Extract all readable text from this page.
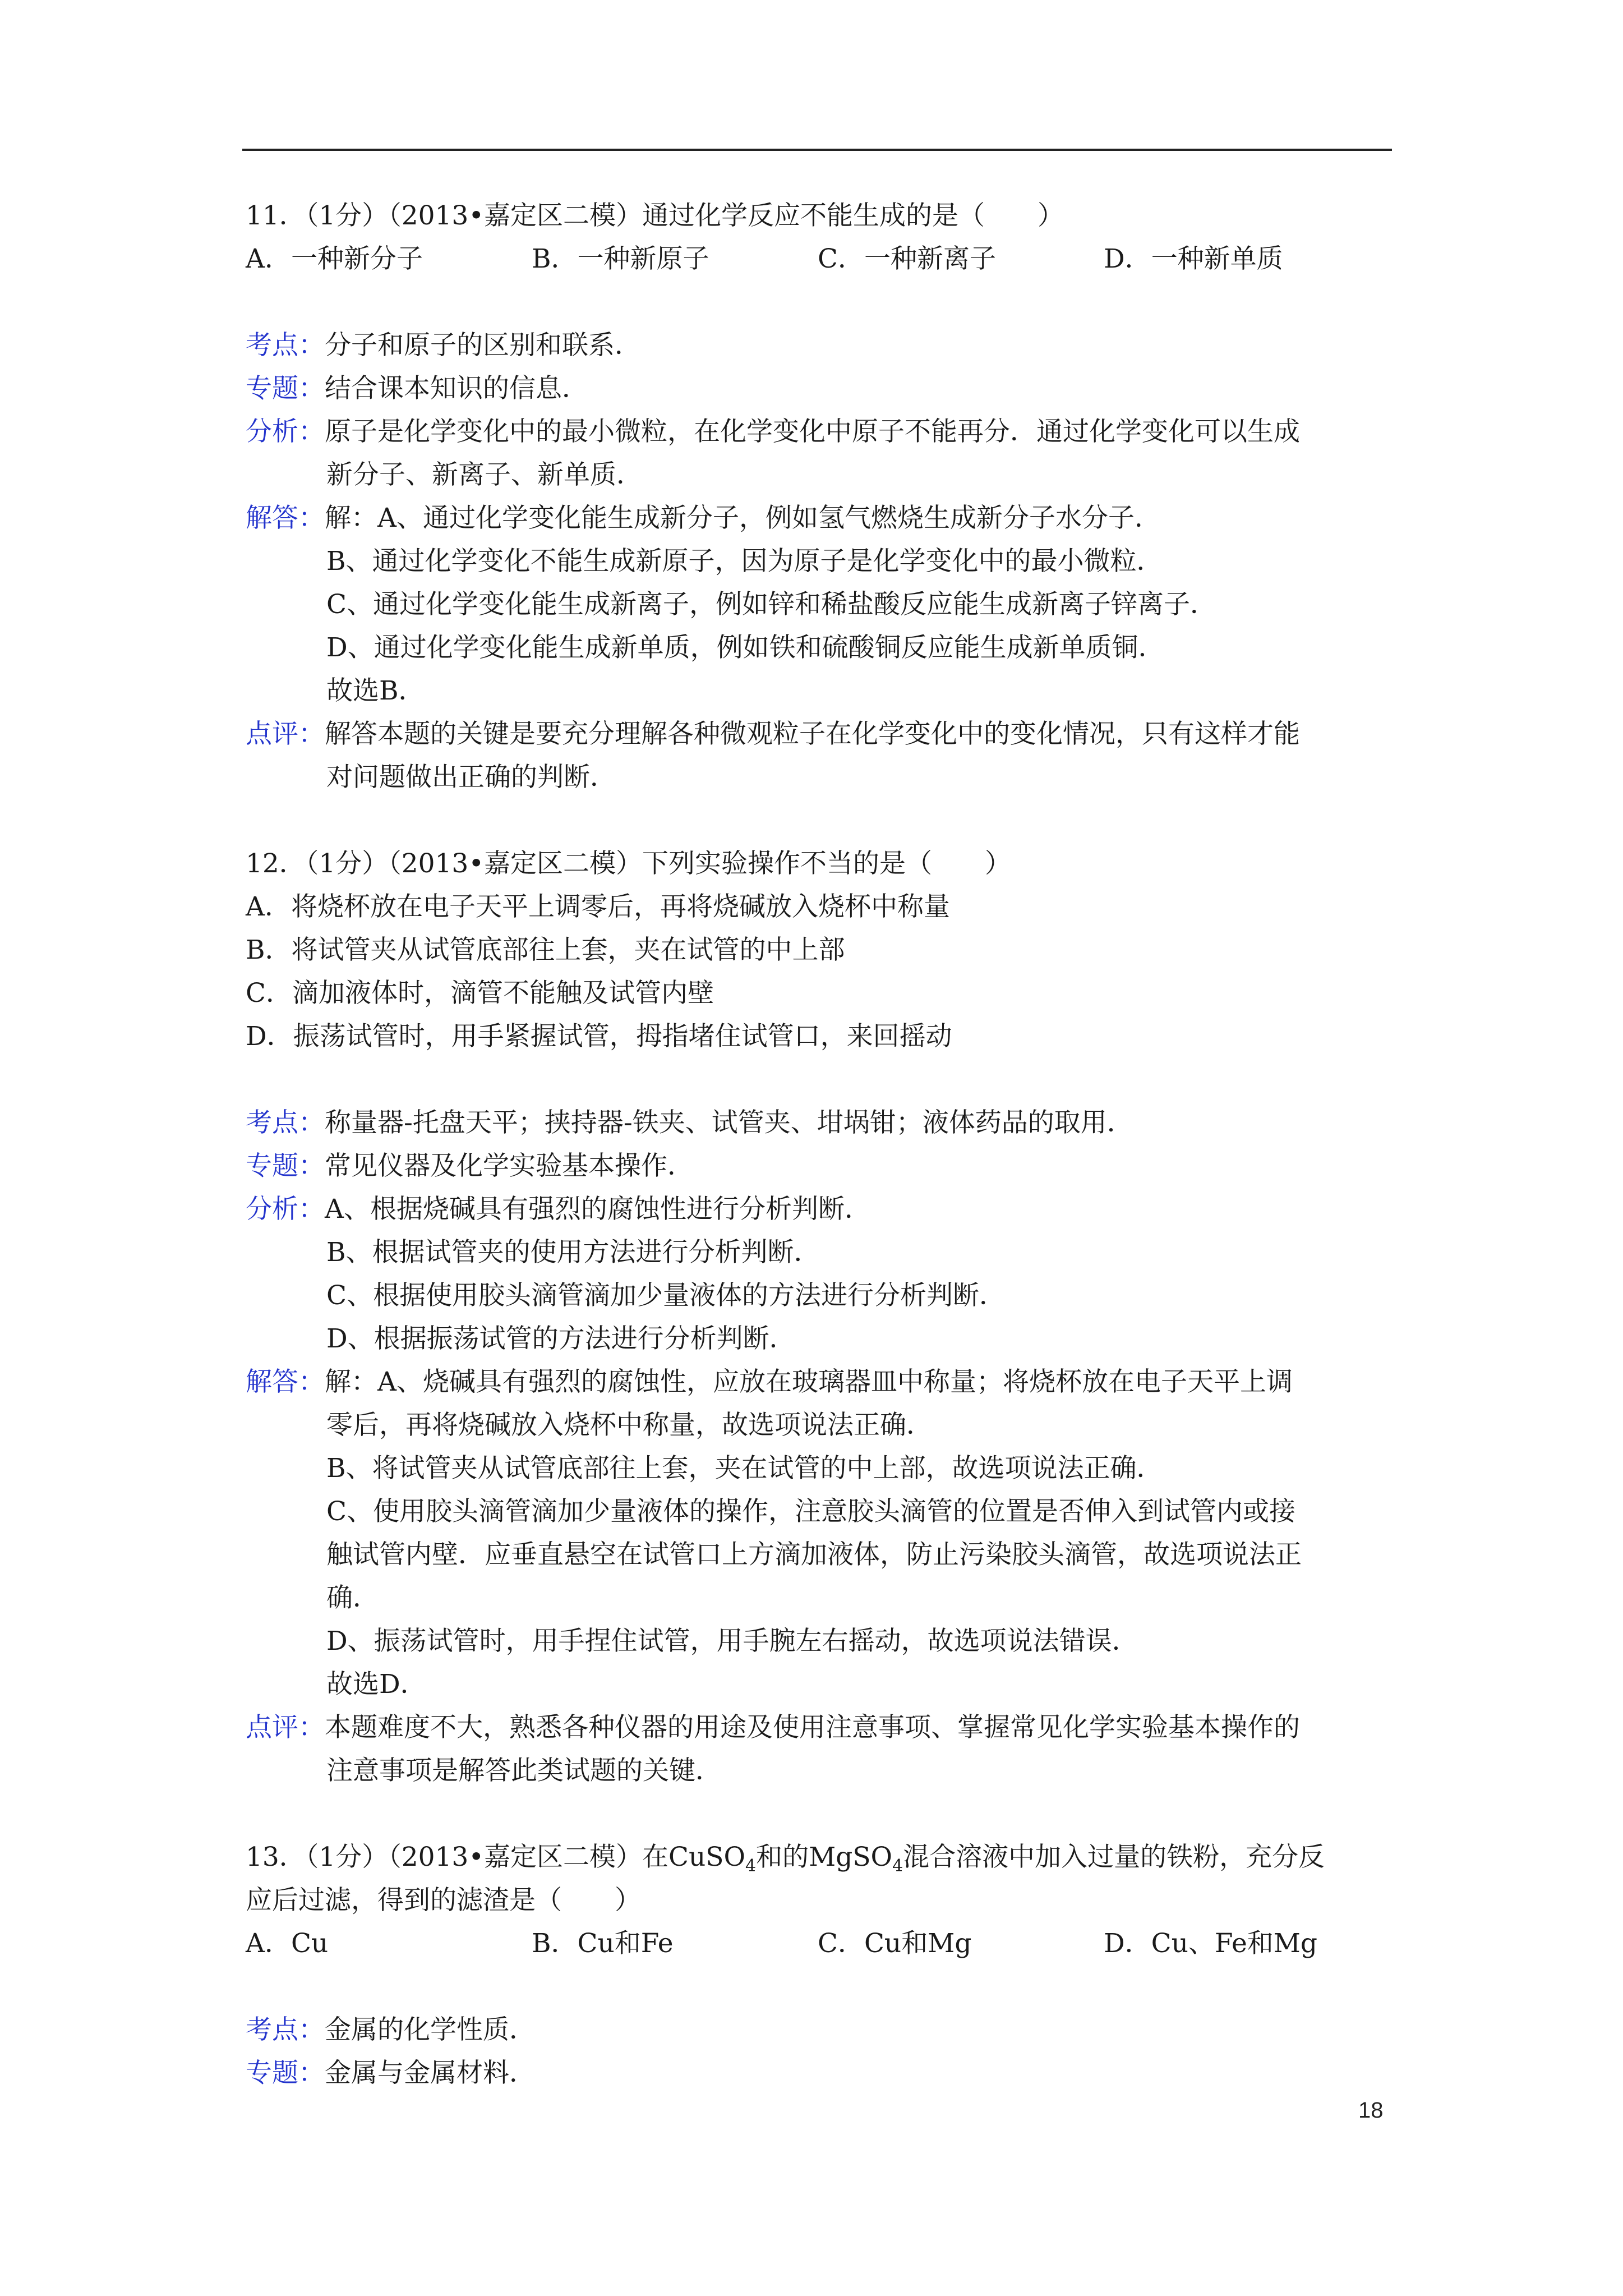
11．（1分）（2013•嘉定区二模）通过化学反应不能生成的是（　　）
A．一种新分子	B．一种新原子	C．一种新离子	D．一种新单质
考点：分子和原子的区别和联系．
专题：结合课本知识的信息．
分析：原子是化学变化中的最小微粒，在化学变化中原子不能再分．通过化学变化可以生成
新分子、新离子、新单质．
解答：解：A、通过化学变化能生成新分子，例如氢气燃烧生成新分子水分子．
B、通过化学变化不能生成新原子，因为原子是化学变化中的最小微粒．
C、通过化学变化能生成新离子，例如锌和稀盐酸反应能生成新离子锌离子．
D、通过化学变化能生成新单质，例如铁和硫酸铜反应能生成新单质铜．
故选B．
点评：解答本题的关键是要充分理解各种微观粒子在化学变化中的变化情况，只有这样才能
对问题做出正确的判断．
12．（1分）（2013•嘉定区二模）下列实验操作不当的是（　　）
A．将烧杯放在电子天平上调零后，再将烧碱放入烧杯中称量
B．将试管夹从试管底部往上套，夹在试管的中上部
C．滴加液体时，滴管不能触及试管内壁
D．振荡试管时，用手紧握试管，拇指堵住试管口，来回摇动
考点：称量器-托盘天平；挟持器-铁夹、试管夹、坩埚钳；液体药品的取用．
专题：常见仪器及化学实验基本操作．
分析：A、根据烧碱具有强烈的腐蚀性进行分析判断．
B、根据试管夹的使用方法进行分析判断．
C、根据使用胶头滴管滴加少量液体的方法进行分析判断．
D、根据振荡试管的方法进行分析判断．
解答：解：A、烧碱具有强烈的腐蚀性，应放在玻璃器皿中称量；将烧杯放在电子天平上调
零后，再将烧碱放入烧杯中称量，故选项说法正确．
B、将试管夹从试管底部往上套，夹在试管的中上部，故选项说法正确．
C、使用胶头滴管滴加少量液体的操作，注意胶头滴管的位置是否伸入到试管内或接
触试管内壁．应垂直悬空在试管口上方滴加液体，防止污染胶头滴管，故选项说法正
确．
D、振荡试管时，用手捏住试管，用手腕左右摇动，故选项说法错误．
故选D．
点评：本题难度不大，熟悉各种仪器的用途及使用注意事项、掌握常见化学实验基本操作的
注意事项是解答此类试题的关键．
13．（1分）（2013•嘉定区二模）在CuSO$_4$和的MgSO$_4$混合溶液中加入过量的铁粉，充分反
应后过滤，得到的滤渣是（　　）
A．Cu	B．Cu和Fe	C．Cu和Mg	D．Cu、Fe和Mg
考点：金属的化学性质．
专题：金属与金属材料．
18
